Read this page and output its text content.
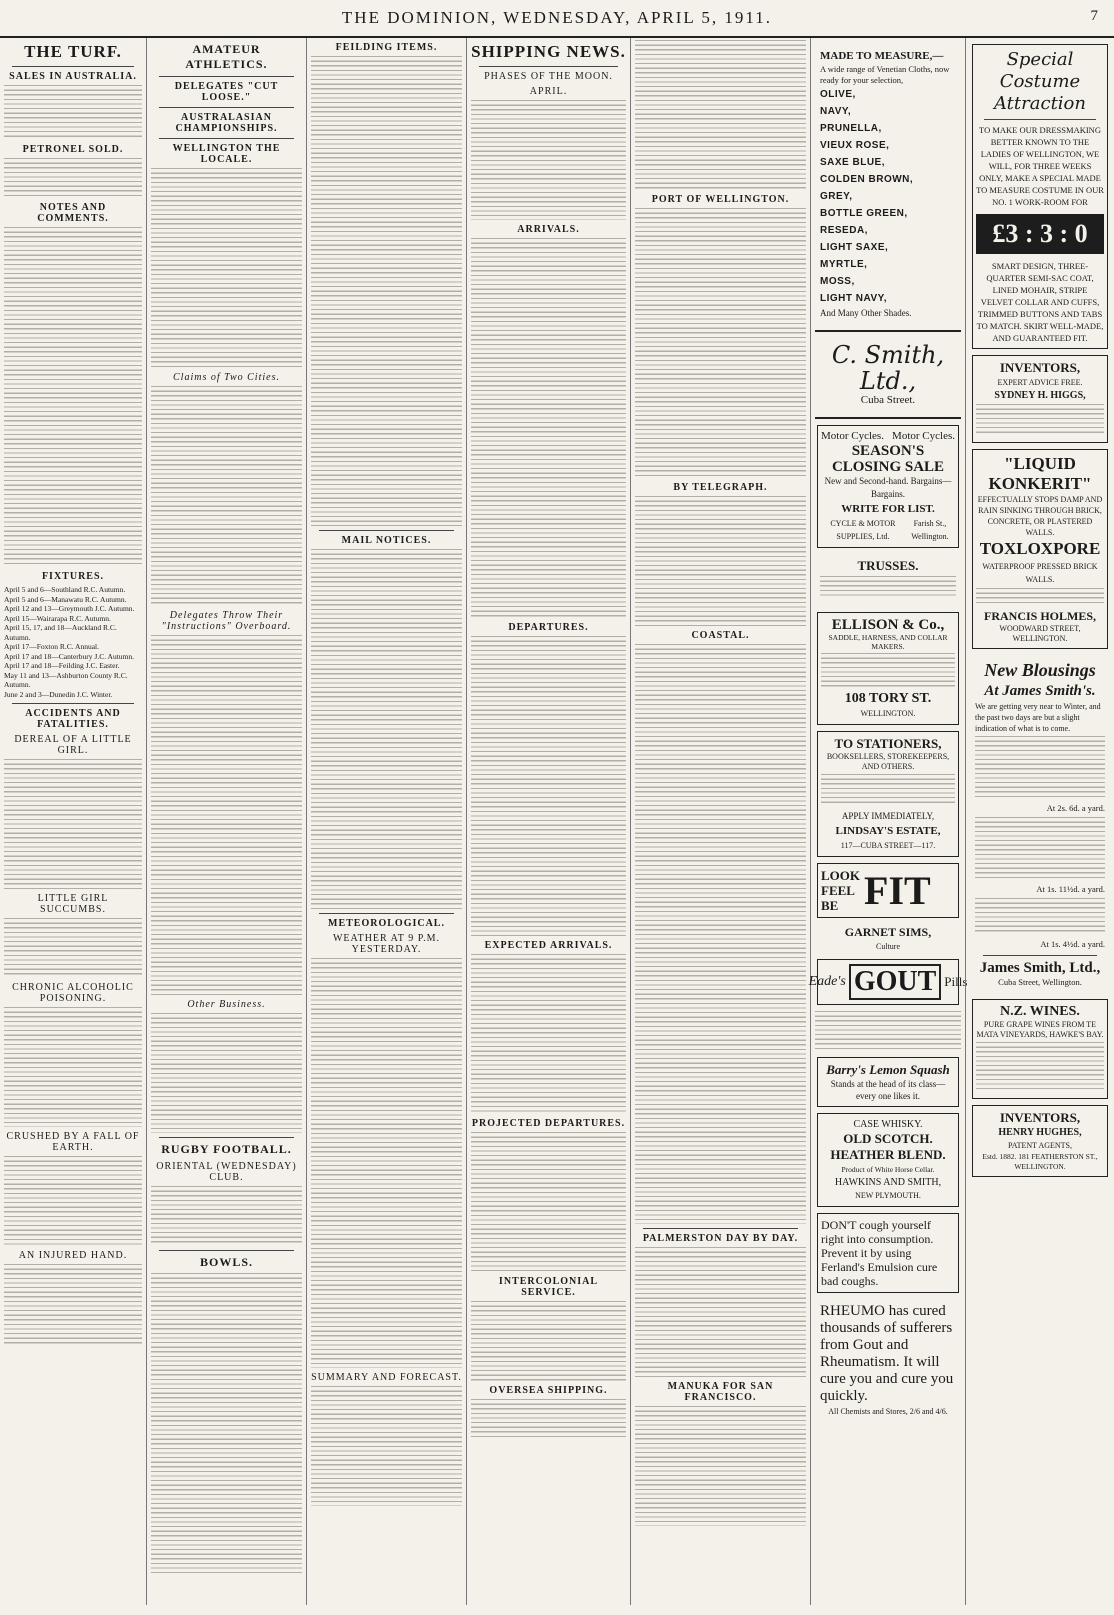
THE DOMINION, WEDNESDAY, APRIL 5, 1911.	7
THE TURF.
SALES IN AUSTRALIA.
PETRONEL SOLD.
NOTES AND COMMENTS.
FIXTURES.
April 5 and 6—Southland R.C. Autumn.
April 5 and 6—Manawatu R.C. Autumn.
April 12 and 13—Greymouth J.C. Autumn.
April 15—Wairarapa R.C. Autumn.
April 15, 17, and 18—Auckland R.C. Autumn.
April 17—Foxton R.C. Annual.
April 17 and 18—Canterbury J.C. Autumn.
April 17 and 18—Feilding J.C. Easter.
May 11 and 13—Ashburton County R.C. Autumn.
June 2 and 3—Dunedin J.C. Winter.
ACCIDENTS AND FATALITIES.
DEREAL OF A LITTLE GIRL.
LITTLE GIRL SUCCUMBS.
CHRONIC ALCOHOLIC POISONING.
CRUSHED BY A FALL OF EARTH.
AN INJURED HAND.
AMATEUR ATHLETICS.
DELEGATES "CUT LOOSE."
AUSTRALASIAN CHAMPIONSHIPS.
WELLINGTON THE LOCALE.
Claims of Two Cities.
Delegates Throw Their "Instructions" Overboard.
Other Business.
RUGBY FOOTBALL.
ORIENTAL (WEDNESDAY) CLUB.
BOWLS.
FEILDING ITEMS.
MAIL NOTICES.
METEOROLOGICAL.
WEATHER AT 9 P.M. YESTERDAY.
SUMMARY AND FORECAST.
SHIPPING NEWS.
PHASES OF THE MOON.
APRIL.
ARRIVALS.
DEPARTURES.
EXPECTED ARRIVALS.
PROJECTED DEPARTURES.
INTERCOLONIAL SERVICE.
OVERSEA SHIPPING.
PORT OF WELLINGTON.
BY TELEGRAPH.
COASTAL.
PALMERSTON DAY BY DAY.
MANUKA FOR SAN FRANCISCO.
MADE TO MEASURE,—
A wide range of Venetian Cloths, now ready for your selection,
OLIVE,
NAVY,
PRUNELLA,
VIEUX ROSE,
SAXE BLUE,
COLDEN BROWN,
GREY,
BOTTLE GREEN,
RESEDA,
LIGHT SAXE,
MYRTLE,
MOSS,
LIGHT NAVY,
And Many Other Shades.
C. Smith, Ltd.,
Cuba Street.
Motor Cycles. Motor Cycles.
SEASON'S CLOSING SALE
New and Second-hand. Bargains—Bargains.
WRITE FOR LIST.
CYCLE & MOTOR SUPPLIES, Ltd.
Farish St., Wellington.
TRUSSES.
ELLISON & Co.,
SADDLE, HARNESS, AND COLLAR MAKERS.
108 TORY ST.
WELLINGTON.
TO STATIONERS,
BOOKSELLERS, STOREKEEPERS, AND OTHERS.
APPLY IMMEDIATELY,
LINDSAY'S ESTATE,
117—CUBA STREET—117.
LOOK
FEEL
BE FIT
GARNET SIMS,
Culture
Eade's GOUT Pills
Barry's Lemon Squash
Stands at the head of its class—every one likes it.
CASE WHISKY.
OLD SCOTCH.
HEATHER BLEND.
Product of White Horse Cellar.
HAWKINS AND SMITH,
NEW PLYMOUTH.
DON'T cough yourself right into consumption. Prevent it by using Ferland's Emulsion cure bad coughs.
RHEUMO has cured thousands of sufferers from Gout and Rheumatism. It will cure you and cure you quickly.
All Chemists and Stores, 2/6 and 4/6.
Special
Costume
Attraction
TO MAKE OUR DRESSMAKING BETTER KNOWN TO THE LADIES OF WELLINGTON, WE WILL, FOR THREE WEEKS ONLY, MAKE A SPECIAL MADE TO MEASURE COSTUME IN OUR NO. 1 WORK-ROOM FOR
£3 : 3 : 0
SMART DESIGN, THREE-QUARTER SEMI-SAC COAT, LINED MOHAIR, STRIPE VELVET COLLAR AND CUFFS, TRIMMED BUTTONS AND TABS TO MATCH. SKIRT WELL-MADE, AND GUARANTEED FIT.
INVENTORS,
EXPERT ADVICE FREE.
SYDNEY H. HIGGS,
"LIQUID
KONKERIT"
EFFECTUALLY STOPS DAMP AND RAIN SINKING THROUGH BRICK, CONCRETE, OR PLASTERED WALLS.
TOXLOXPORE
WATERPROOF PRESSED BRICK WALLS.
FRANCIS HOLMES,
WOODWARD STREET, WELLINGTON.
New Blousings
At James Smith's.
We are getting very near to Winter, and the past two days are but a slight indication of what is to come.
At 2s. 6d. a yard.
At 1s. 11½d. a yard.
At 1s. 4½d. a yard.
James Smith, Ltd.,
Cuba Street, Wellington.
N.Z. WINES.
PURE GRAPE WINES FROM TE MATA VINEYARDS, HAWKE'S BAY.
INVENTORS,
HENRY HUGHES,
PATENT AGENTS,
Estd. 1882. 181 FEATHERSTON ST., WELLINGTON.
